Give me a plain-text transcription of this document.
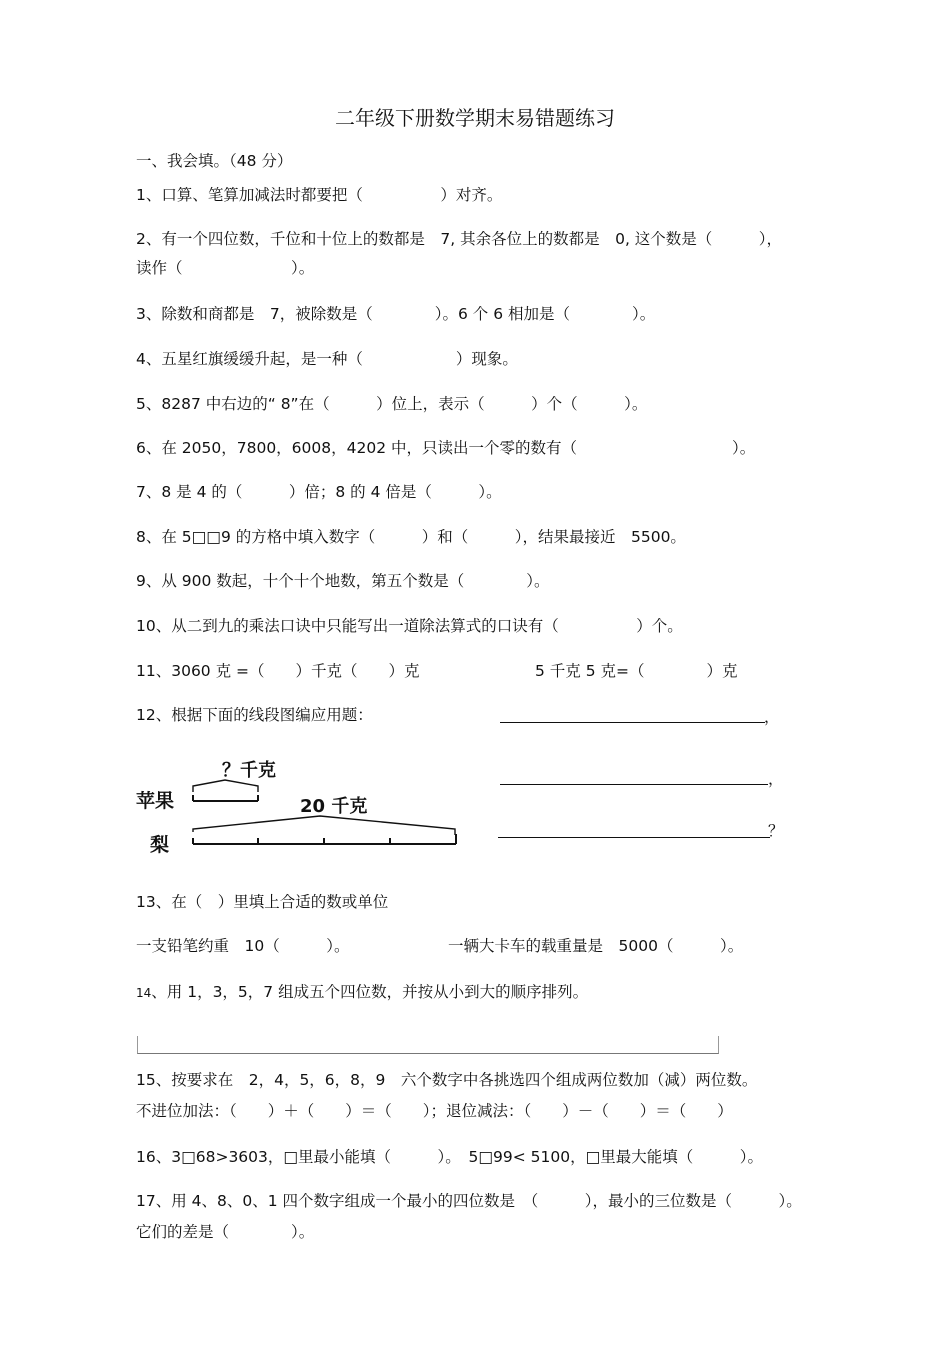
二年级下册数学期末易错题练习
一、我会填。（48 分）
1、口算、笔算加减法时都要把（　　　　　）对齐。
2、有一个四位数，千位和十位上的数都是　7, 其余各位上的数都是　0, 这个数是（　　　），
读作（　　　　　　　）。
3、除数和商都是　7，被除数是（　　　　）。6 个 6 相加是（　　　　）。
4、五星红旗缓缓升起，是一种（　　　　　　）现象。
5、8287 中右边的“ 8”在（　　　）位上，表示（　　　）个（　　　）。
6、在 2050，7800，6008，4202 中，只读出一个零的数有（　　　　　　　　　　）。
7、8 是 4 的（　　　）倍；8 的 4 倍是（　　　）。
8、在 5□□9 的方格中填入数字（　　　）和（　　　），结果最接近　5500。
9、从 900 数起，十个十个地数，第五个数是（　　　　）。
10、从二到九的乘法口诀中只能写出一道除法算式的口诀有（　　　　　）个。
11、3060 克 =（　　）千克（　　）克	5 千克 5 克=（　　　　）克
12、根据下面的线段图编应用题：	，
，
？
苹果
梨
？千克
20 千克
13、在（　）里填上合适的数或单位
一支铅笔约重　10（　　　）。	一辆大卡车的载重量是　5000（　　　）。
14、用 1，3，5，7 组成五个四位数，并按从小到大的顺序排列。
15、按要求在　2，4，5，6，8，9　六个数字中各挑选四个组成两位数加（减）两位数。
不进位加法：（　　）＋（　　）＝（　　）；退位减法：（　　）－（　　）＝（　　）
16、3□68>3603，□里最小能填（　　　）。　5□99< 5100，□里最大能填（　　　）。
17、用 4、8、0、1 四个数字组成一个最小的四位数是　（　　　），最小的三位数是（　　　）。
它们的差是（　　　　）。
